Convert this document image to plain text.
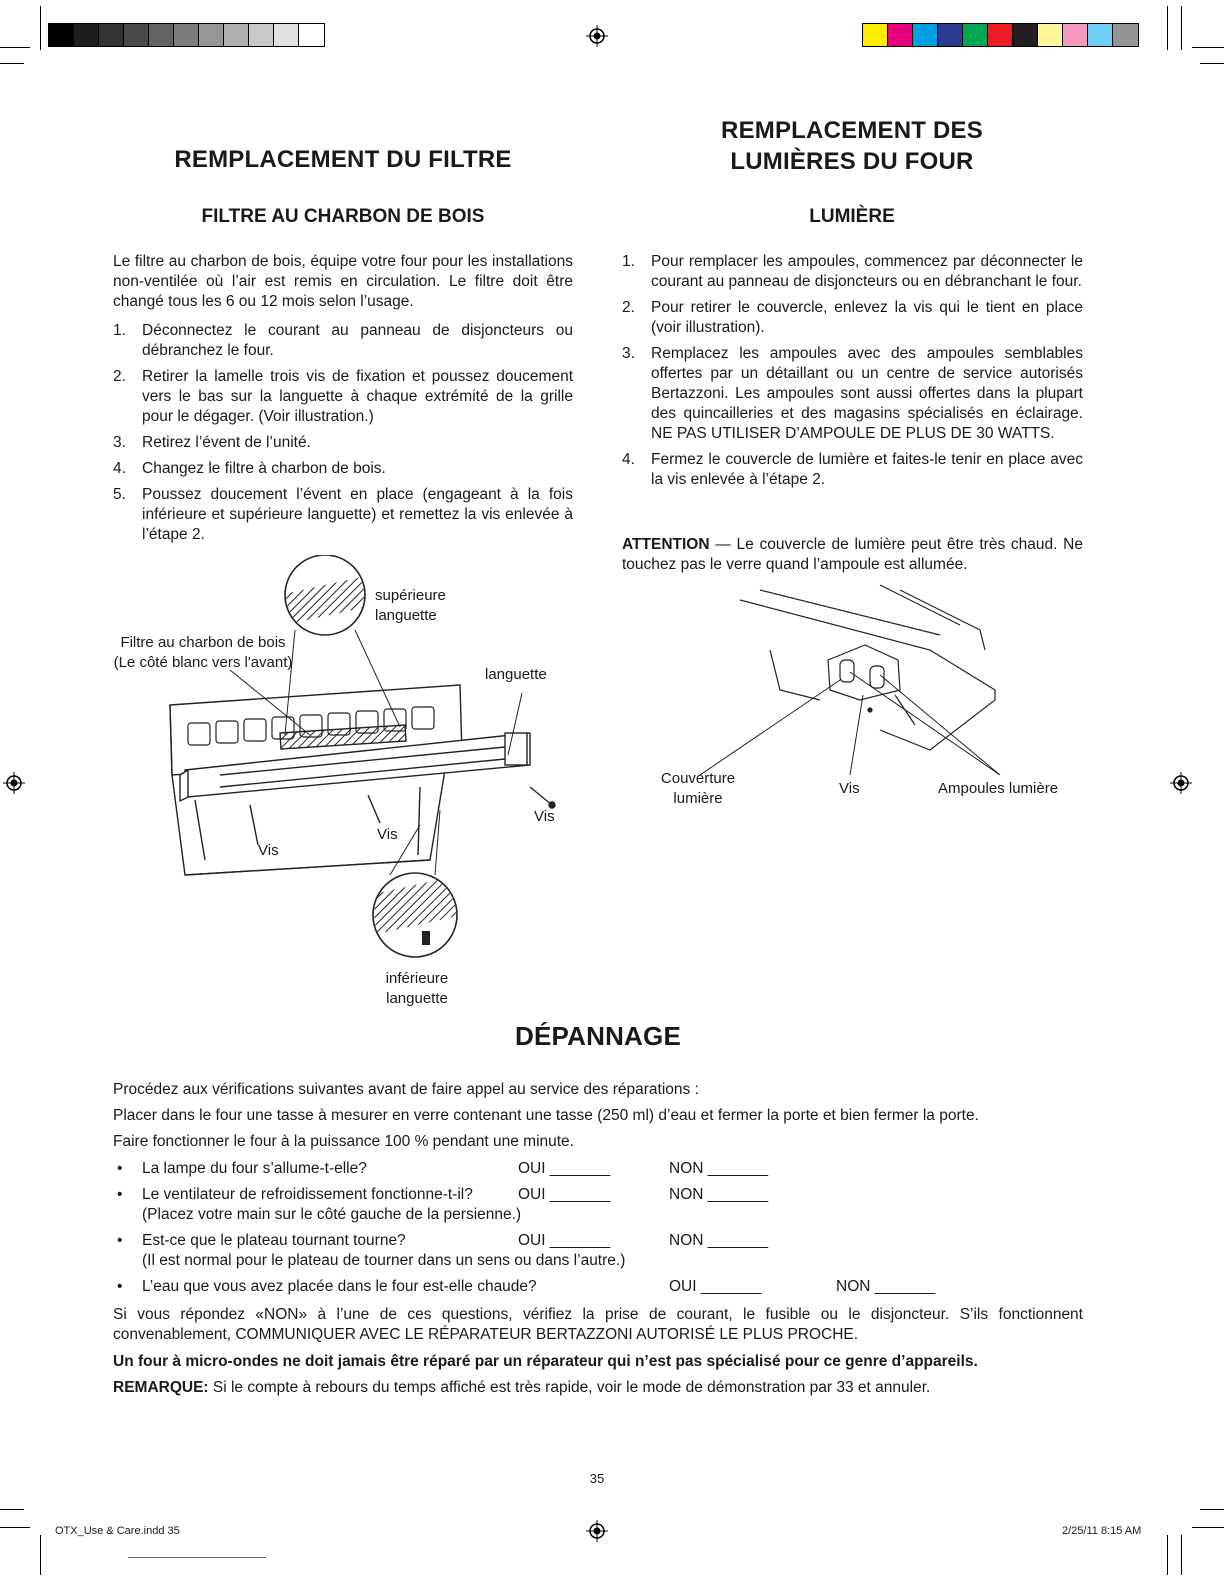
REMPLACEMENT DU FILTRE
FILTRE AU CHARBON DE BOIS

Le filtre au charbon de bois, équipe votre four pour les installations non-ventilée où l’air est remis en circulation. Le filtre doit être changé tous les 6 ou 12 mois selon l’usage.

1.	Déconnectez le courant au panneau de disjoncteurs ou débranchez le four.
2.	Retirer la lamelle trois vis de fixation et poussez doucement vers le bas sur la languette à chaque extrémité de la grille pour le dégager. (Voir illustration.)
3.	Retirez l’évent de l’unité.
4.	Changez le filtre à charbon de bois.
5.	Poussez doucement l’évent en place (engageant à la fois inférieure et supérieure languette) et remettez la vis enlevée à l’étape 2.
supérieure
languette
Filtre au charbon de bois
(Le côté blanc vers l'avant)
languette
Vis
Vis
Vis
inférieure
languette
REMPLACEMENT DES
LUMIÈRES DU FOUR
LUMIÈRE
1.	Pour remplacer les ampoules, commencez par déconnecter le courant au panneau de disjoncteurs ou en débranchant le four.
2.	Pour retirer le couvercle, enlevez la vis qui le tient en place (voir illustration).
3.	Remplacez les ampoules avec des ampoules semblables offertes par un détaillant ou un centre de service autorisés Bertazzoni. Les ampoules sont aussi offertes dans la plupart des quincailleries et des magasins spécialisés en éclairage. NE PAS UTILISER D’AMPOULE DE PLUS DE 30 WATTS.
4.	Fermez le couvercle de lumière et faites-le tenir en place avec la vis enlevée à l’étape 2.

ATTENTION — Le couvercle de lumière peut être très chaud. Ne touchez pas le verre quand l’ampoule est allumée.

Couverture
lumière
Vis	Ampoules lumière
DÉPANNAGE
Procédez aux vérifications suivantes avant de faire appel au service des réparations :
Placer dans le four une tasse à mesurer en verre contenant une tasse (250 ml) d’eau et fermer la porte et bien fermer la porte.
Faire fonctionner le four à la puissance 100 % pendant une minute.
• La lampe du four s’allume-t-elle?	OUI _______	NON _______
• Le ventilateur de refroidissement fonctionne-t-il?	OUI _______	NON _______
(Placez votre main sur le côté gauche de la persienne.)
• Est-ce que le plateau tournant tourne?	OUI _______	NON _______
(Il est normal pour le plateau de tourner dans un sens ou dans l’autre.)
• L’eau que vous avez placée dans le four est-elle chaude?	OUI _______	NON _______
Si vous répondez «NON» à l’une de ces questions, vérifiez la prise de courant, le fusible ou le disjoncteur. S’ils fonctionnent convenablement, COMMUNIQUER AVEC LE RÉPARATEUR BERTAZZONI AUTORISÉ LE PLUS PROCHE.
Un four à micro-ondes ne doit jamais être réparé par un réparateur qui n’est pas spécialisé pour ce genre d’appareils.
REMARQUE: Si le compte à rebours du temps affiché est très rapide, voir le mode de démonstration par 33 et annuler.
35
OTX_Use & Care.indd 35	2/25/11 8:15 AM
